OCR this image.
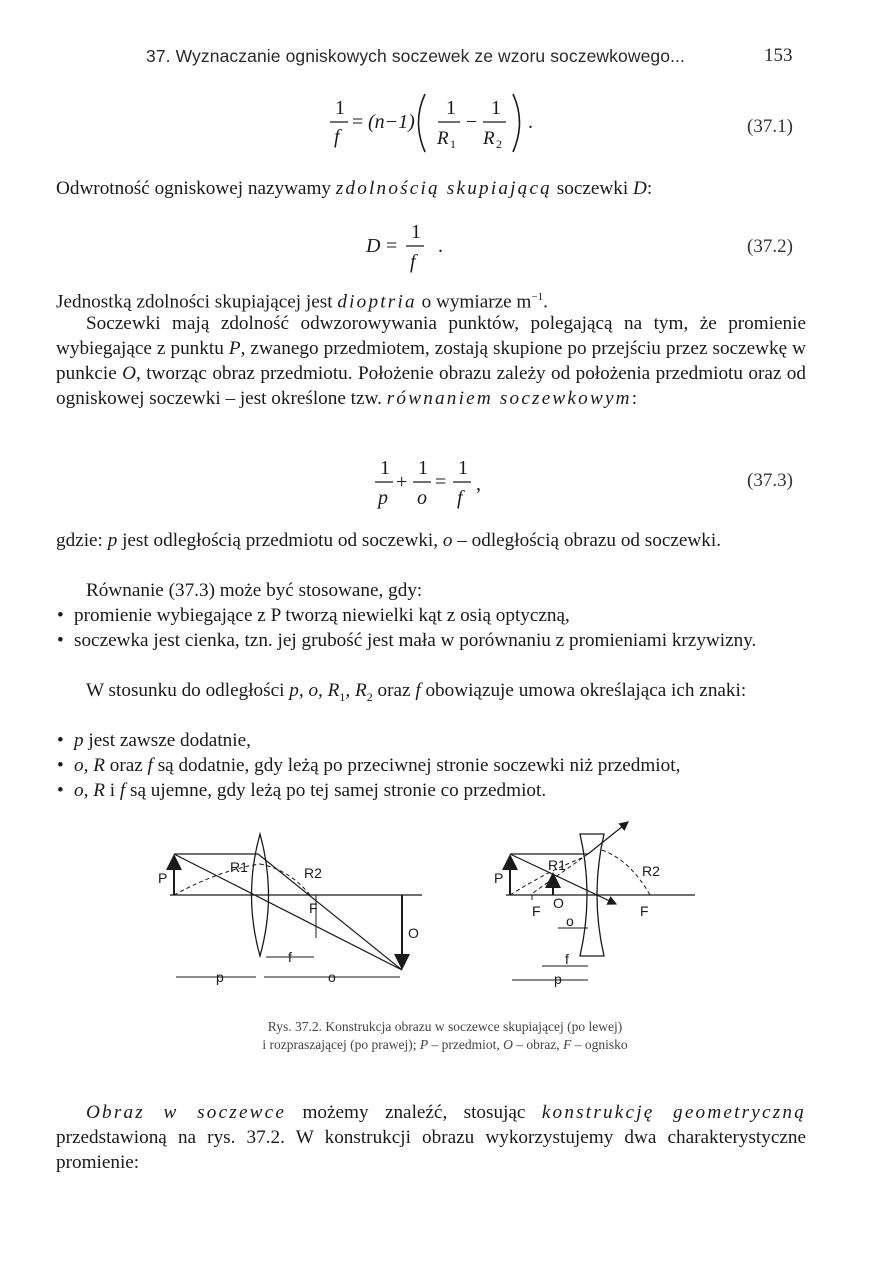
37. Wyznaczanie ogniskowych soczewek ze wzoru soczewkowego...	153
1
f
= (n−1)
1
R 1
−
1
R 2
.	(37.1)
Odwrotność ogniskowej nazywamy zdolnością skupiającą soczewki D:
D =
1
f
.	(37.2)
Jednostką zdolności skupiającej jest dioptria o wymiarze $m^{-1}$.
Soczewki mają zdolność odwzorowywania punktów, polegającą na tym, że promienie wybiegające z punktu P, zwanego przedmiotem, zostają skupione po przejściu przez soczewkę w punkcie O, tworząc obraz przedmiotu. Położenie obrazu zależy od położenia przedmiotu oraz od ogniskowej soczewki – jest określone tzw. równaniem soczewkowym:
1
p
+
1
o
=
1
f
,	(37.3)
gdzie: p jest odległością przedmiotu od soczewki, o – odległością obrazu od soczewki.
Równanie (37.3) może być stosowane, gdy:
• promienie wybiegające z P tworzą niewielki kąt z osią optyczną,
• soczewka jest cienka, tzn. jej grubość jest mała w porównaniu z promieniami krzywizny.
W stosunku do odległości p, o, $R_1$, $R_2$ oraz f obowiązuje umowa określająca ich znaki:
• p jest zawsze dodatnie,
• o, R oraz f są dodatnie, gdy leżą po przeciwnej stronie soczewki niż przedmiot,
• o, R i f są ujemne, gdy leżą po tej samej stronie co przedmiot.
P
R1	R2
F
O
f
p	o
P
R1	R2
F O	F
o
f
p
Rys. 37.2. Konstrukcja obrazu w soczewce skupiającej (po lewej)
i rozpraszającej (po prawej); P – przedmiot, O – obraz, F – ognisko
Obraz w soczewce możemy znaleźć, stosując konstrukcję geometryczną przedstawioną na rys. 37.2. W konstrukcji obrazu wykorzystujemy dwa charakterystyczne promienie:
